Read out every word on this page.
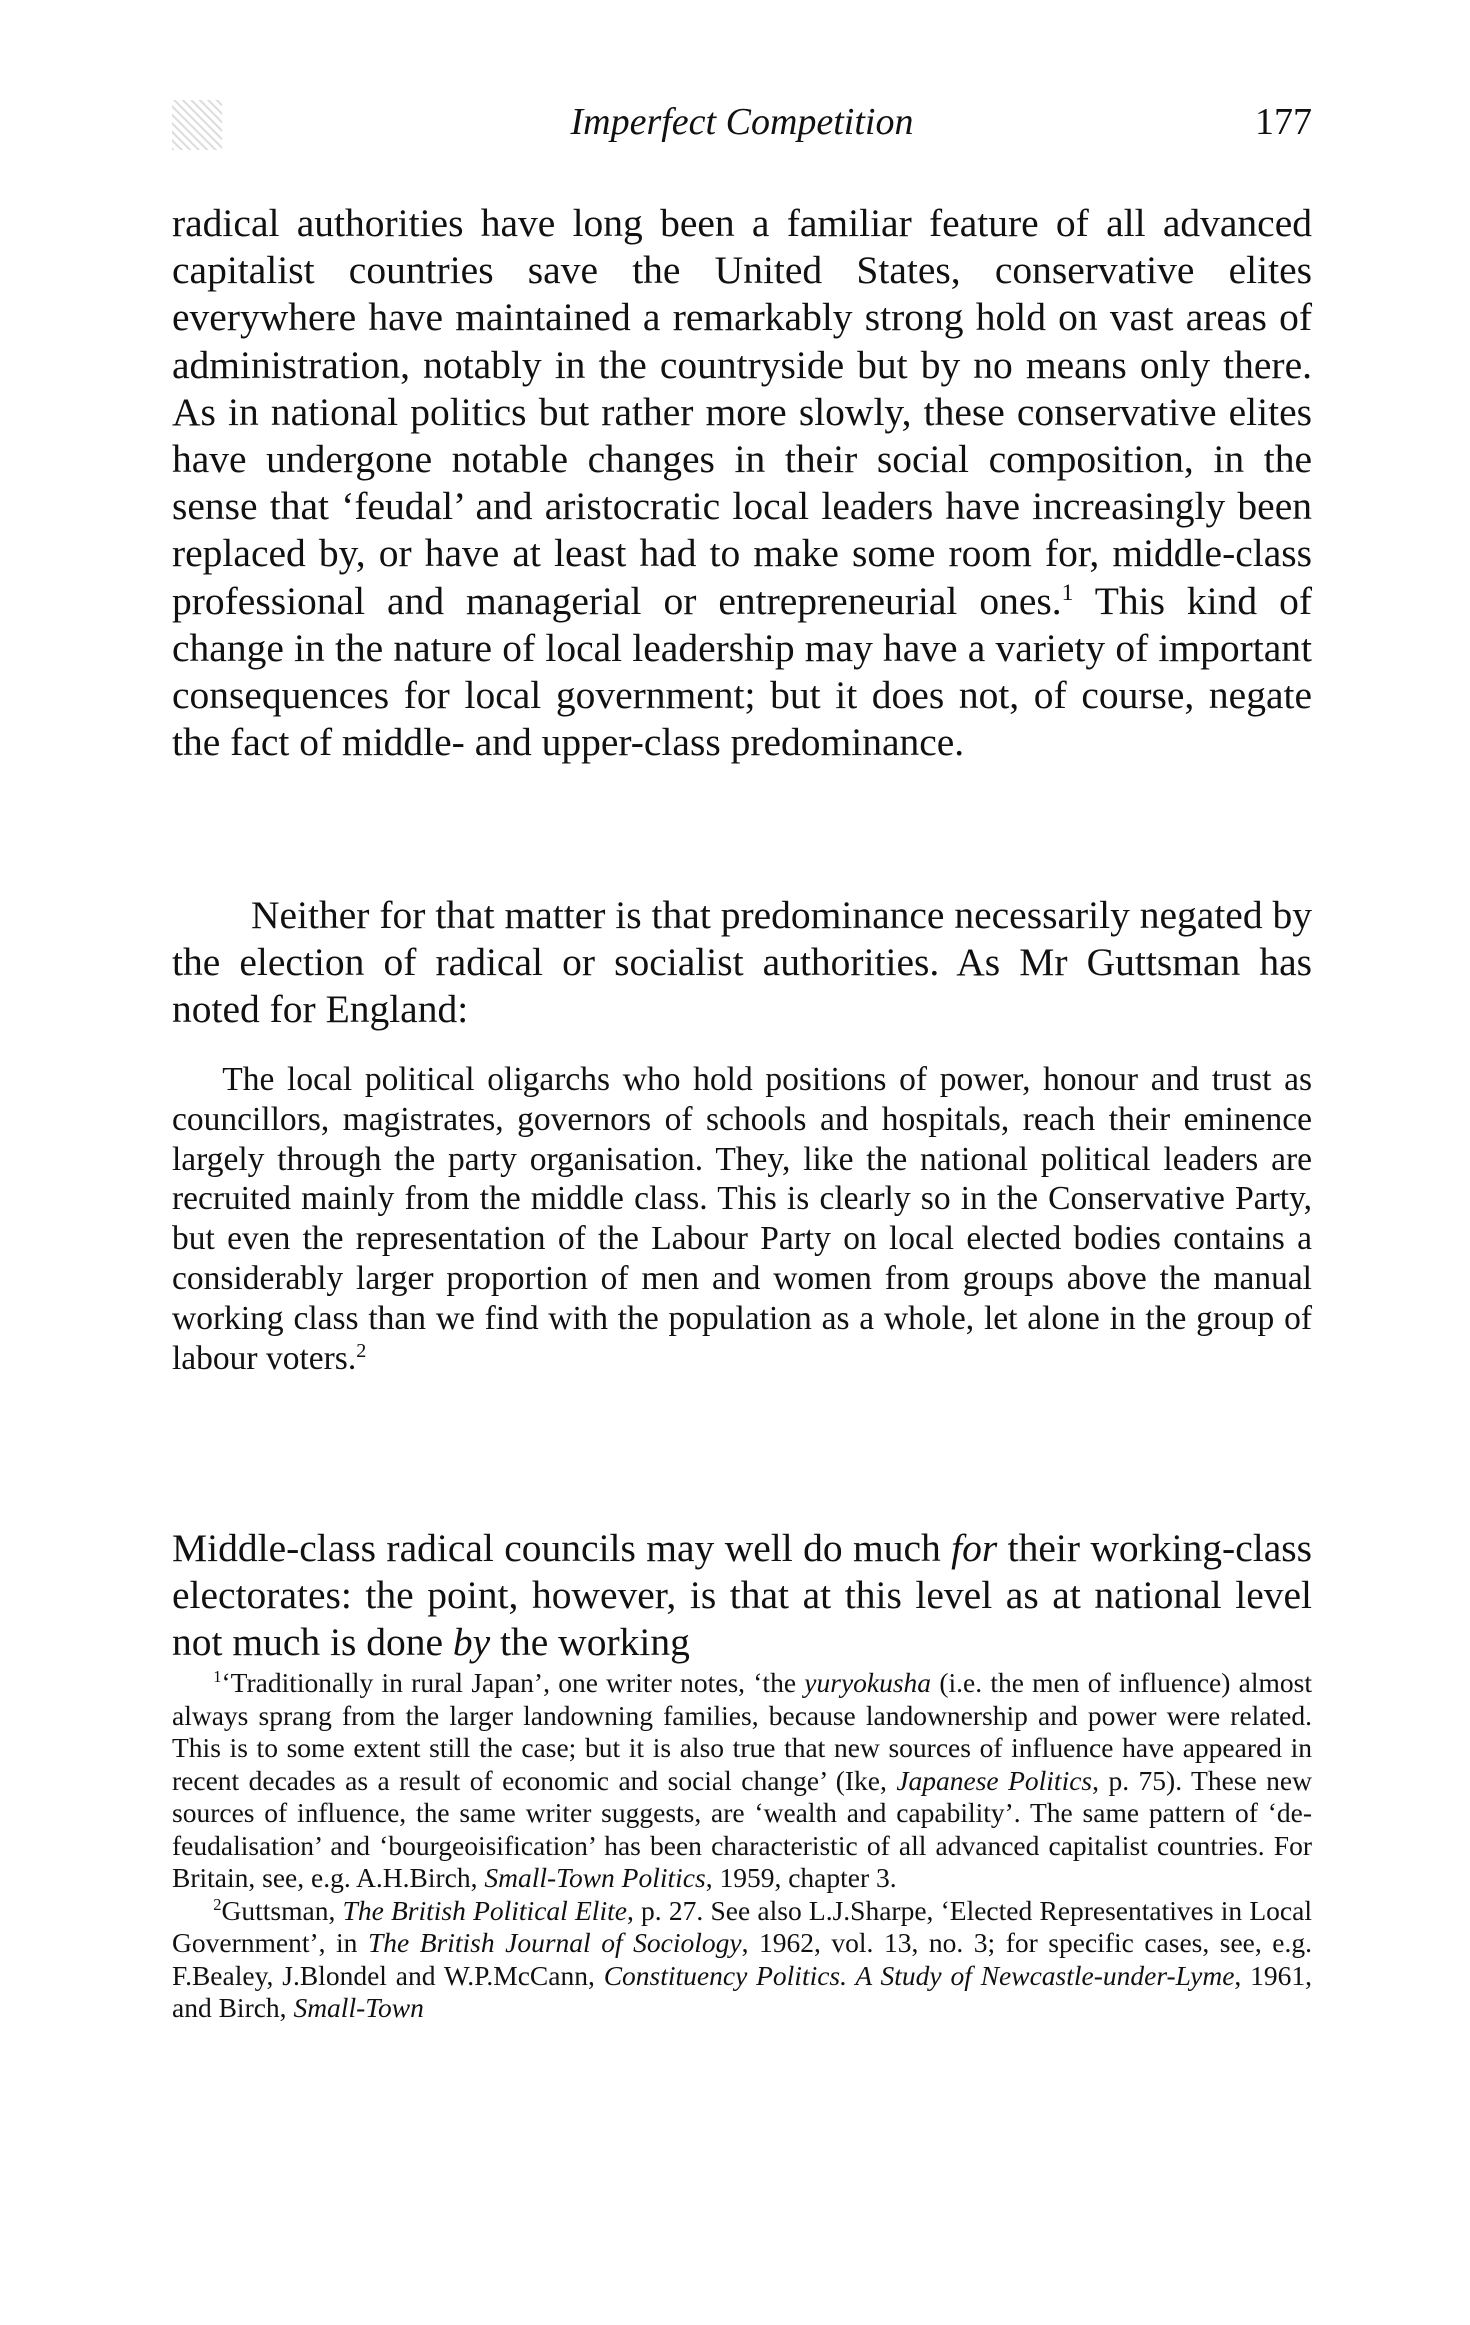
Imperfect Competition	177

radical authorities have long been a familiar feature of all advanced capitalist countries save the United States, conservative elites everywhere have maintained a remarkably strong hold on vast areas of administration, notably in the countryside but by no means only there. As in national politics but rather more slowly, these conservative elites have undergone notable changes in their social composition, in the sense that ‘feudal’ and aristocratic local leaders have increasingly been replaced by, or have at least had to make some room for, middle-class professional and managerial or entrepreneurial ones.$^1$ This kind of change in the nature of local leadership may have a variety of important consequences for local government; but it does not, of course, negate the fact of middle- and upper-class predominance.

Neither for that matter is that predominance necessarily negated by the election of radical or socialist authorities. As Mr Guttsman has noted for England:

The local political oligarchs who hold positions of power, honour and trust as councillors, magistrates, governors of schools and hospitals, reach their eminence largely through the party organisation. They, like the national political leaders are recruited mainly from the middle class. This is clearly so in the Conservative Party, but even the representation of the Labour Party on local elected bodies contains a considerably larger proportion of men and women from groups above the manual working class than we find with the population as a whole, let alone in the group of labour voters.$^2$

Middle-class radical councils may well do much for their working-class electorates: the point, however, is that at this level as at national level not much is done by the working

$^1$‘Traditionally in rural Japan’, one writer notes, ‘the yuryokusha (i.e. the men of influence) almost always sprang from the larger landowning families, because landownership and power were related. This is to some extent still the case; but it is also true that new sources of influence have appeared in recent decades as a result of economic and social change’ (Ike, Japanese Politics, p. 75). These new sources of influence, the same writer suggests, are ‘wealth and capability’. The same pattern of ‘de-feudalisation’ and ‘bourgeoisification’ has been characteristic of all advanced capitalist countries. For Britain, see, e.g. A.H.Birch, Small-Town Politics, 1959, chapter 3.

$^2$Guttsman, The British Political Elite, p. 27. See also L.J.Sharpe, ‘Elected Representatives in Local Government’, in The British Journal of Sociology, 1962, vol. 13, no. 3; for specific cases, see, e.g. F.Bealey, J.Blondel and W.P.McCann, Constituency Politics. A Study of Newcastle-under-Lyme, 1961, and Birch, Small-Town
